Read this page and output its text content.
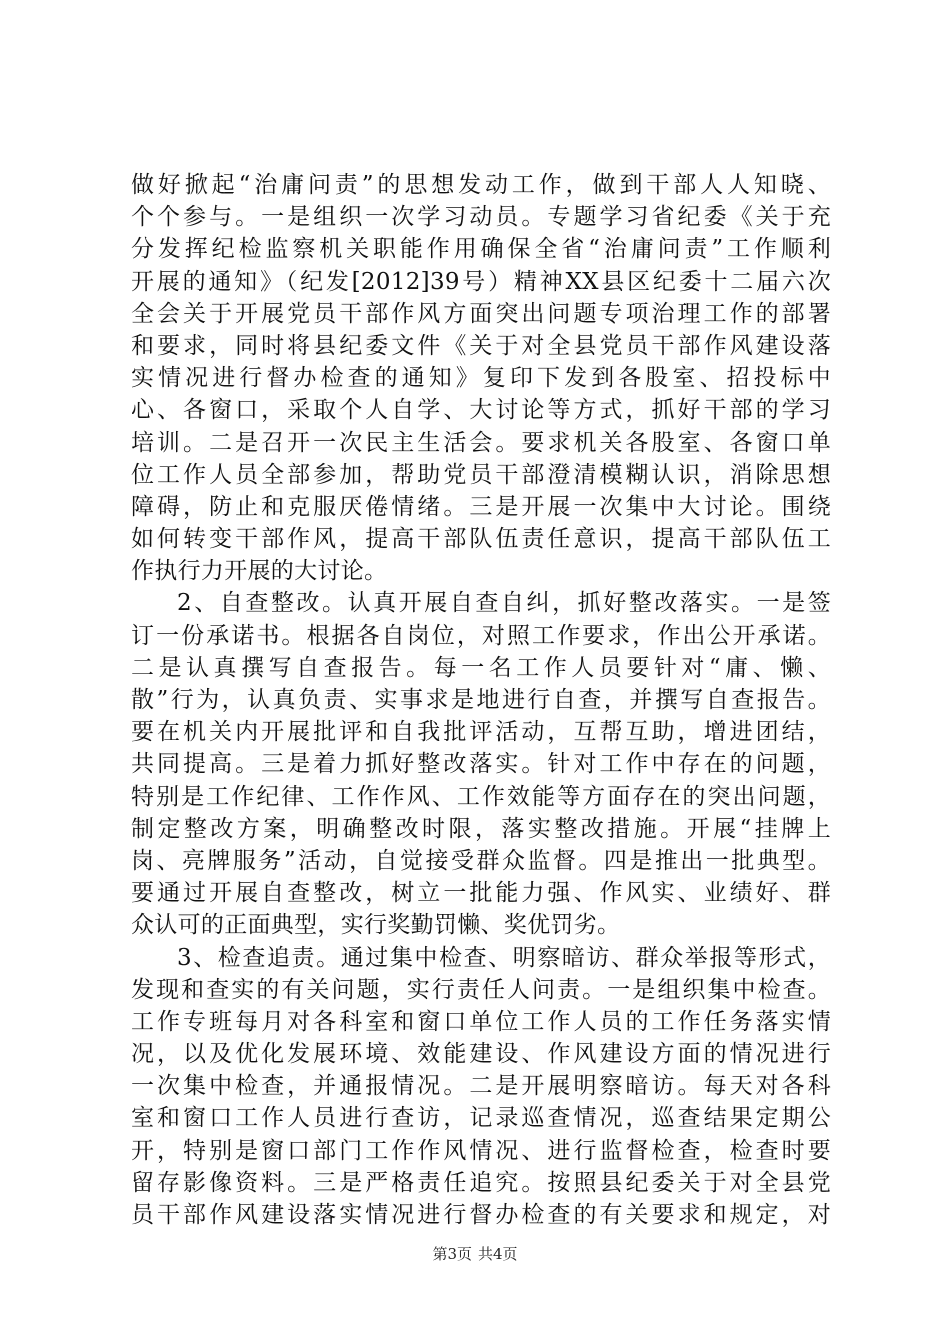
做好掀起“治庸问责”的思想发动工作，做到干部人人知晓、
个个参与。一是组织一次学习动员。专题学习省纪委《关于充
分发挥纪检监察机关职能作用确保全省“治庸问责”工作顺利
开展的通知》（纪发[2012]39号）精神XX县区纪委十二届六次
全会关于开展党员干部作风方面突出问题专项治理工作的部署
和要求，同时将县纪委文件《关于对全县党员干部作风建设落
实情况进行督办检查的通知》复印下发到各股室、招投标中
心、各窗口，采取个人自学、大讨论等方式，抓好干部的学习
培训。二是召开一次民主生活会。要求机关各股室、各窗口单
位工作人员全部参加，帮助党员干部澄清模糊认识，消除思想
障碍，防止和克服厌倦情绪。三是开展一次集中大讨论。围绕
如何转变干部作风，提高干部队伍责任意识，提高干部队伍工
作执行力开展的大讨论。
2、自查整改。认真开展自查自纠，抓好整改落实。一是签
订一份承诺书。根据各自岗位，对照工作要求，作出公开承诺。
二是认真撰写自查报告。每一名工作人员要针对“庸、懒、
散”行为，认真负责、实事求是地进行自查，并撰写自查报告。
要在机关内开展批评和自我批评活动，互帮互助，增进团结，
共同提高。三是着力抓好整改落实。针对工作中存在的问题，
特别是工作纪律、工作作风、工作效能等方面存在的突出问题，
制定整改方案，明确整改时限，落实整改措施。开展“挂牌上
岗、亮牌服务”活动，自觉接受群众监督。四是推出一批典型。
要通过开展自查整改，树立一批能力强、作风实、业绩好、群
众认可的正面典型，实行奖勤罚懒、奖优罚劣。
3、检查追责。通过集中检查、明察暗访、群众举报等形式，
发现和查实的有关问题，实行责任人问责。一是组织集中检查。
工作专班每月对各科室和窗口单位工作人员的工作任务落实情
况，以及优化发展环境、效能建设、作风建设方面的情况进行
一次集中检查，并通报情况。二是开展明察暗访。每天对各科
室和窗口工作人员进行查访，记录巡查情况，巡查结果定期公
开，特别是窗口部门工作作风情况、进行监督检查，检查时要
留存影像资料。三是严格责任追究。按照县纪委关于对全县党
员干部作风建设落实情况进行督办检查的有关要求和规定，对
第3页 共4页
